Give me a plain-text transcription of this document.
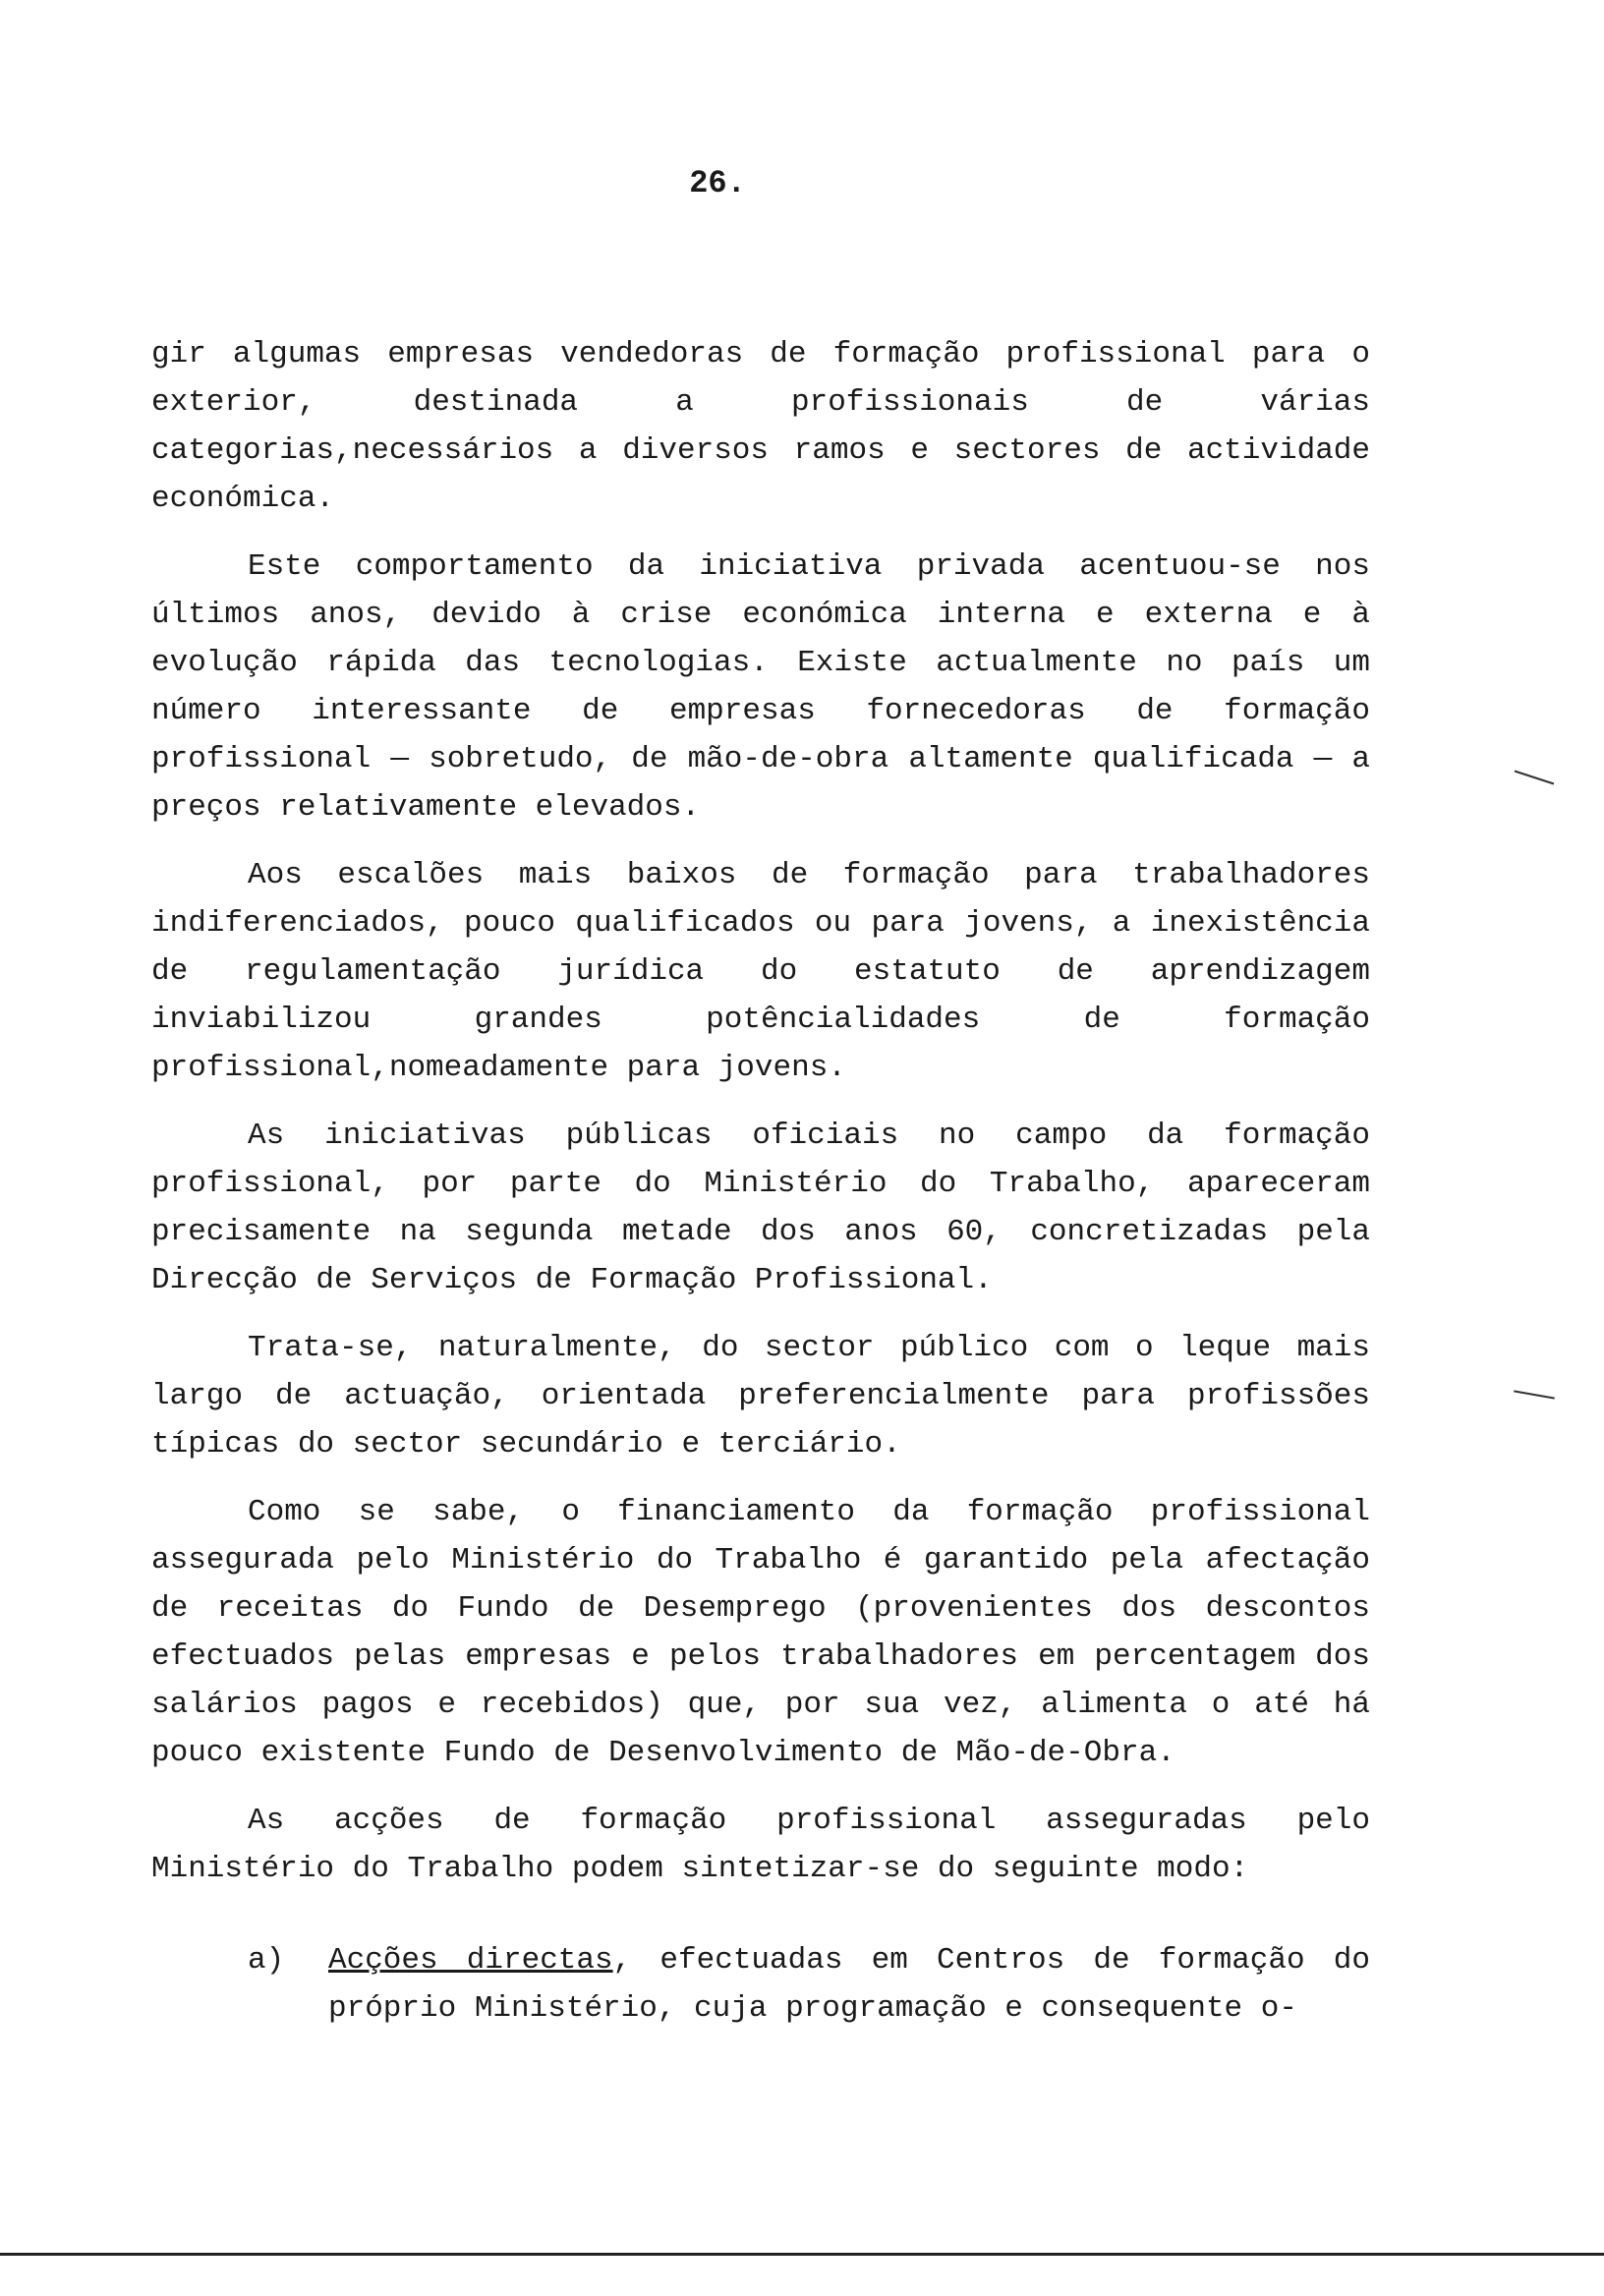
26.

gir algumas empresas vendedoras de formação profissional para o exterior, destinada a profissionais de várias categorias,necessários a diversos ramos e sectores de actividade económica.

Este comportamento da iniciativa privada acentuou-se nos últimos anos, devido à crise económica interna e externa e à evolução rápida das tecnologias. Existe actualmente no país um número interessante de empresas fornecedoras de formação profissional — sobretudo, de mão-de-obra altamente qualificada — a preços relativamente elevados.

Aos escalões mais baixos de formação para trabalhadores indiferenciados, pouco qualificados ou para jovens, a inexistência de regulamentação jurídica do estatuto de aprendizagem inviabilizou grandes potêncialidades de formação profissional,nomeadamente para jovens.

As iniciativas públicas oficiais no campo da formação profissional, por parte do Ministério do Trabalho, apareceram precisamente na segunda metade dos anos 60, concretizadas pela Direcção de Serviços de Formação Profissional.

Trata-se, naturalmente, do sector público com o leque mais largo de actuação, orientada preferencialmente para profissões típicas do sector secundário e terciário.

Como se sabe, o financiamento da formação profissional assegurada pelo Ministério do Trabalho é garantido pela afectação de receitas do Fundo de Desemprego (provenientes dos descontos efectuados pelas empresas e pelos trabalhadores em percentagem dos salários pagos e recebidos) que, por sua vez, alimenta o até há pouco existente Fundo de Desenvolvimento de Mão-de-Obra.

As acções de formação profissional asseguradas pelo Ministério do Trabalho podem sintetizar-se do seguinte modo:

a) Acções directas, efectuadas em Centros de formação do próprio Ministério, cuja programação e consequente o-
